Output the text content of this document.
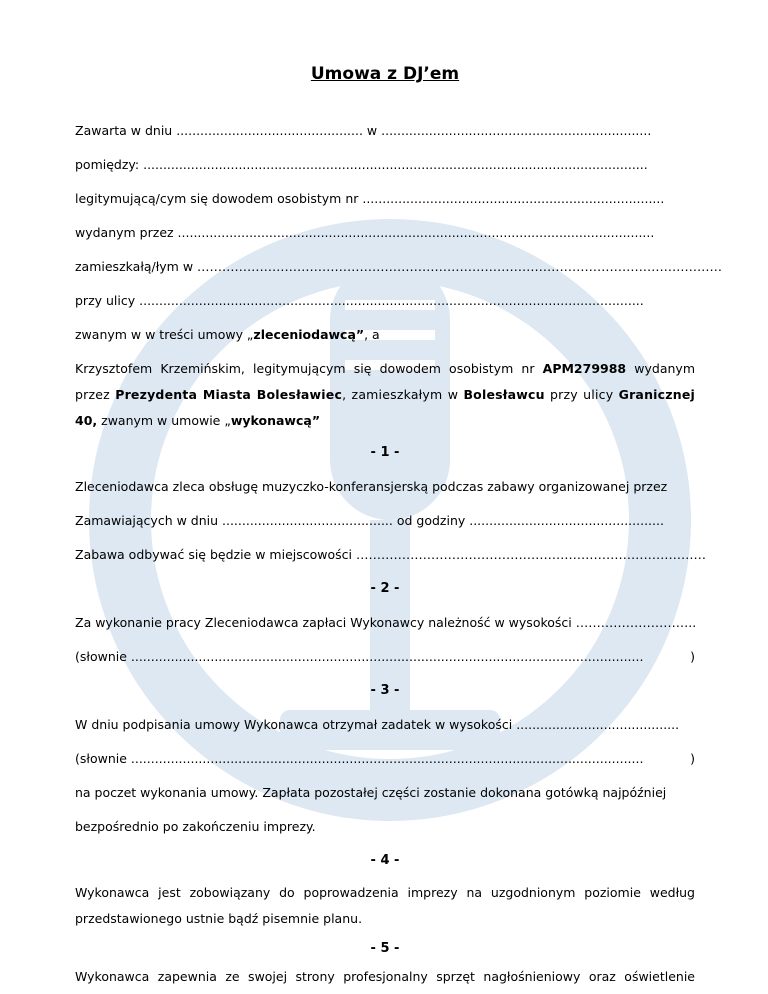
Umowa z DJ’em
Zawarta w dniu ............................................... w ....................................................................
pomiędzy: ...............................................................................................................................
legitymującą/cym się dowodem osobistym nr ............................................................................
wydanym przez ........................................................................................................................
zamieszkałą/łym w ………………………………………………………………………………………………………………
przy ulicy ...............................................................................................................................
zwanym w w treści umowy „zleceniodawcą”, a
Krzysztofem Krzemińskim, legitymującym się dowodem osobistym nr APM279988 wydanym
przez Prezydenta Miasta Bolesławiec, zamieszkałym w Bolesławcu przy ulicy Granicznej
40, zwanym w umowie „wykonawcą”
- 1 -
Zleceniodawca zleca obsługę muzyczko-konferansjerską podczas zabawy organizowanej przez
Zamawiających w dniu ........................................... od godziny .................................................
Zabawa odbywać się będzie w miejscowości …………………………………………………………………………
- 2 -
Za wykonanie pracy Zleceniodawca zapłaci Wykonawcy należność w wysokości ………………………..
(słownie .................................................................................................................................	)
- 3 -
W dniu podpisania umowy Wykonawca otrzymał zadatek w wysokości .........................................
(słownie .................................................................................................................................	)
na poczet wykonania umowy. Zapłata pozostałej części zostanie dokonana gotówką najpóźniej
bezpośrednio po zakończeniu imprezy.
- 4 -
Wykonawca jest zobowiązany do poprowadzenia imprezy na uzgodnionym poziomie według
przedstawionego ustnie bądź pisemnie planu.
- 5 -
Wykonawca zapewnia ze swojej strony profesjonalny sprzęt nagłośnieniowy oraz oświetlenie
